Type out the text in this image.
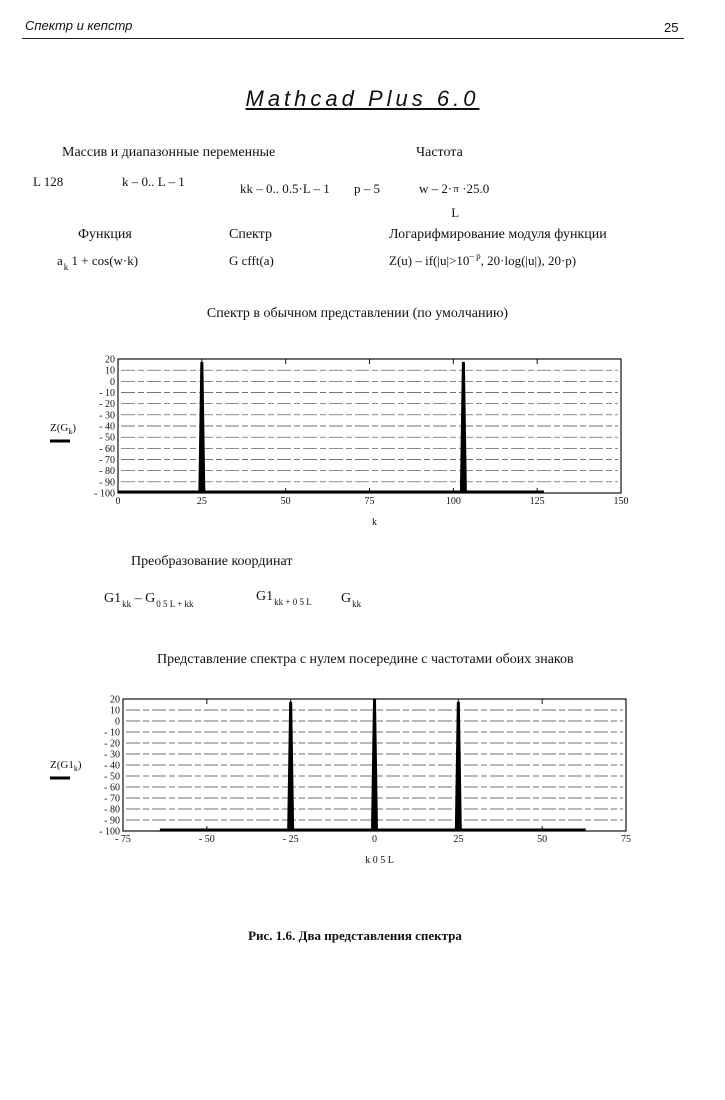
Спектр и кепстр	25
Mathcad Plus 6.0
Массив и диапазонные переменные	Частота
L 128	k – 0.. L – 1	kk – 0.. 0.5·L – 1 p – 5	w – 2· π
L
·25.0
Функция	Спектр	Логарифмирование модуля функции
$a_k$ 1 + cos(w·k)	G cfft(a)	$Z(u) - if(|u|>10^{- p}$, 20·log(|u|), 20·p)
Спектр в обычном представлении (по умолчанию)
20
10
0
- 10
- 20
- 30
- 40
- 50
- 60
- 70
- 80
- 90
- 100
0	25	50	75	100	125	150
$Z(G_k)$
k
Преобразование координат
$G1_{kk} - G_{0 5 L + kk}$	$G1_{kk + 0 5 L}$ $G_{kk}$
Представление спектра с нулем посередине с частотами обоих знаков
20
10
0
- 10
- 20
- 30
- 40
- 50
- 60
- 70
- 80
- 90
- 100
- 75	- 50	- 25	0	25	50	75
$Z(G1_k)$
k 0 5 L
Рис. 1.6. Два представления спектра
